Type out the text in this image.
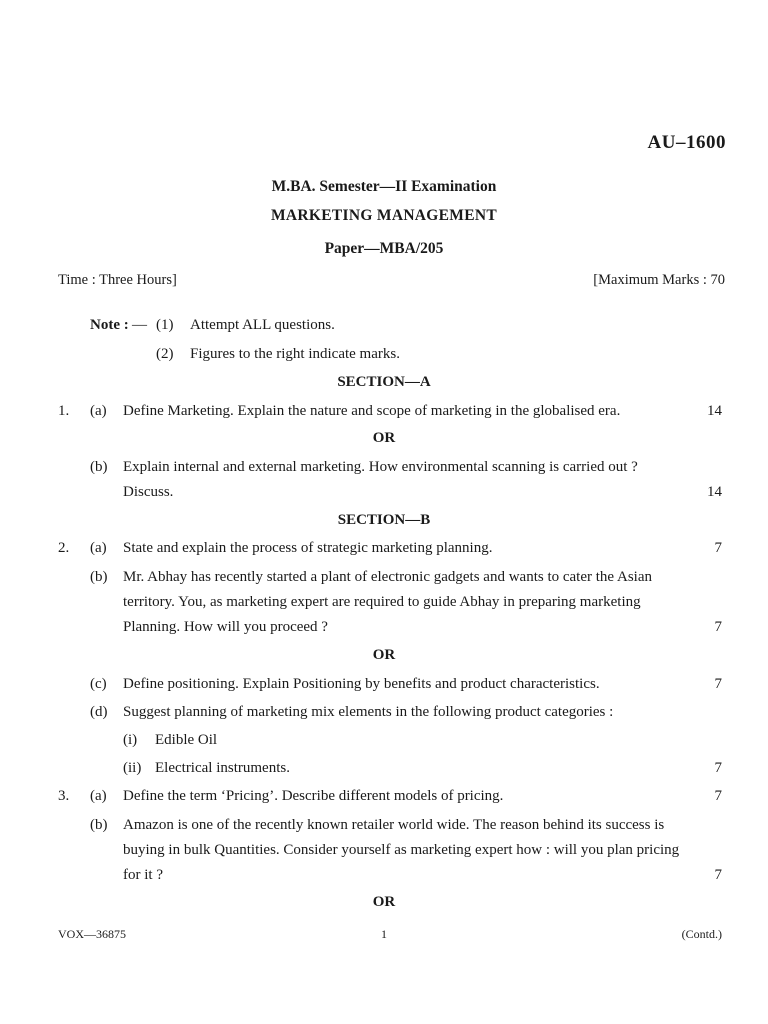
AU–1600
M.BA. Semester—II Examination
MARKETING MANAGEMENT
Paper—MBA/205
Time : Three Hours]	[Maximum Marks : 70
Note : — (1) Attempt ALL questions.
(2) Figures to the right indicate marks.
SECTION—A
1. (a) Define Marketing. Explain the nature and scope of marketing in the globalised era.	14
OR
(b) Explain internal and external marketing. How environmental scanning is carried out ?
Discuss.	14
SECTION—B
2. (a) State and explain the process of strategic marketing planning.	7
(b) Mr. Abhay has recently started a plant of electronic gadgets and wants to cater the Asian
territory. You, as marketing expert are required to guide Abhay in preparing marketing
Planning. How will you proceed ?	7
OR
(c) Define positioning. Explain Positioning by benefits and product characteristics.	7
(d) Suggest planning of marketing mix elements in the following product categories :
(i) Edible Oil
(ii) Electrical instruments.	7
3. (a) Define the term ‘Pricing’. Describe different models of pricing.	7
(b) Amazon is one of the recently known retailer world wide. The reason behind its success is
buying in bulk Quantities. Consider yourself as marketing expert how : will you plan pricing
for it ?	7
OR
VOX—36875	1	(Contd.)
